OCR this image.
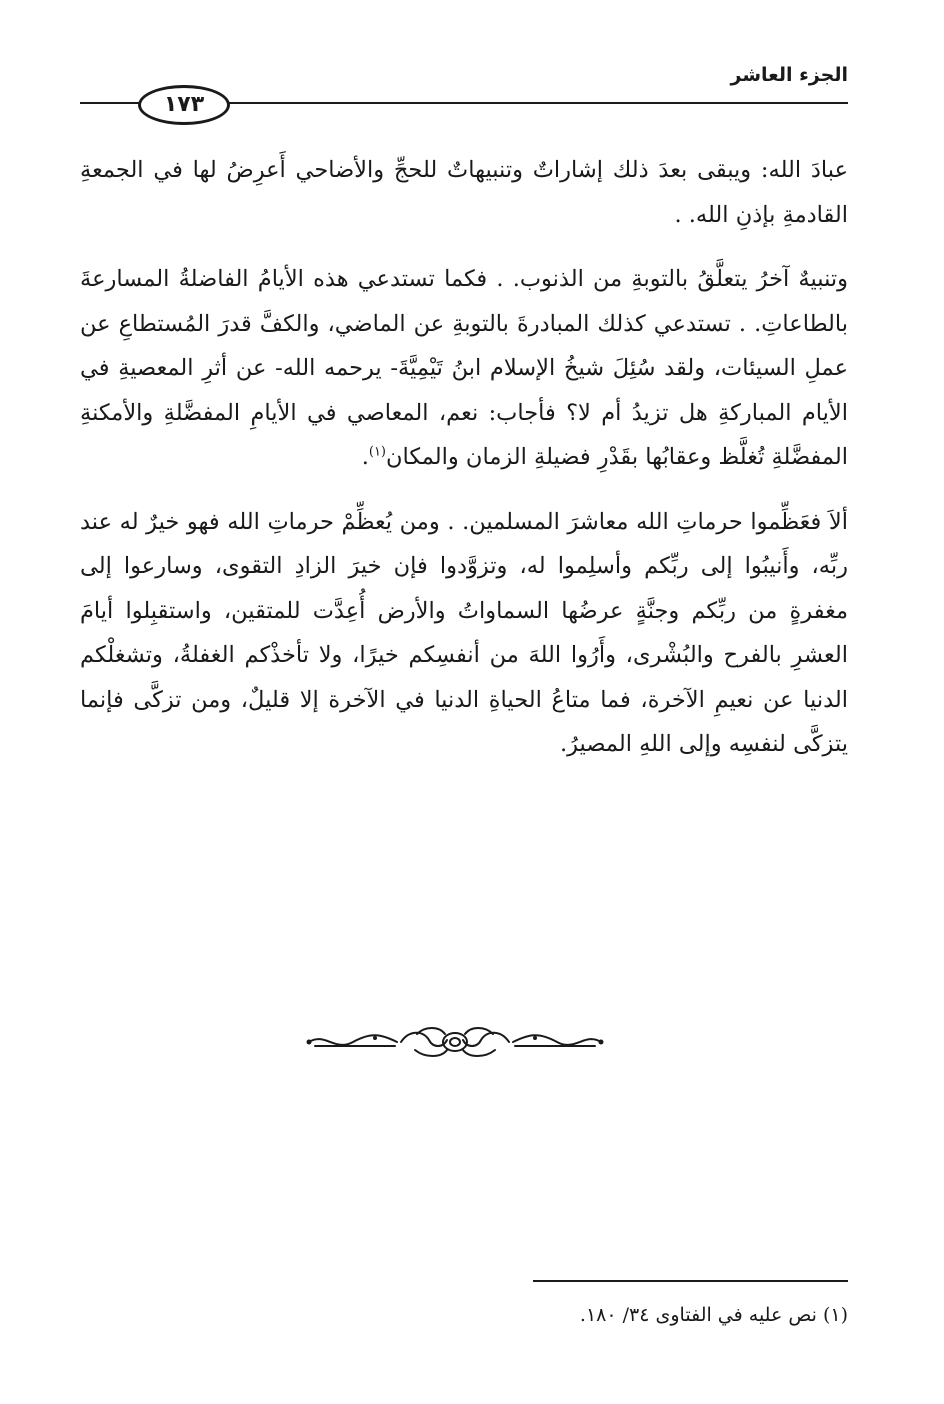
الجزء العاشر
١٧٣

عبادَ الله: ويبقى بعدَ ذلك إشاراتٌ وتنبيهاتٌ للحجِّ والأضاحي أَعرِضُ لها في الجمعةِ القادمةِ بإذنِ الله. .

وتنبيهٌ آخرُ يتعلَّقُ بالتوبةِ من الذنوب. . فكما تستدعي هذه الأيامُ الفاضلةُ المسارعةَ بالطاعاتِ. . تستدعي كذلك المبادرةَ بالتوبةِ عن الماضي، والكفَّ قدرَ المُستطاعِ عن عملِ السيئات، ولقد سُئِلَ شيخُ الإسلام ابنُ تَيْمِيَّةَ- يرحمه الله- عن أثرِ المعصيةِ في الأيام المباركةِ هل تزيدُ أم لا؟ فأجاب: نعم، المعاصي في الأيامِ المفضَّلةِ والأمكنةِ المفضَّلةِ تُغلَّظ وعقابُها بقَدْرِ فضيلةِ الزمان والمكان$^{(١)}$.

ألاَ فعَظِّموا حرماتِ الله معاشرَ المسلمين. . ومن يُعظِّمْ حرماتِ الله فهو خيرٌ له عند ربِّه، وأَنيبُوا إلى ربِّكم وأسلِموا له، وتزوَّدوا فإن خيرَ الزادِ التقوى، وسارعوا إلى مغفرةٍ من ربِّكم وجنَّةٍ عرضُها السماواتُ والأرض أُعِدَّت للمتقين، واستقبِلوا أيامَ العشرِ بالفرح والبُشْرى، وأَرُوا اللهَ من أنفسِكم خيرًا، ولا تأخذْكم الغفلةُ، وتشغلْكم الدنيا عن نعيمِ الآخرة، فما متاعُ الحياةِ الدنيا في الآخرة إلا قليلٌ، ومن تزكَّى فإنما يتزكَّى لنفسِه وإلى اللهِ المصيرُ.

(١) نص عليه في الفتاوى ٣٤/ ١٨٠.
